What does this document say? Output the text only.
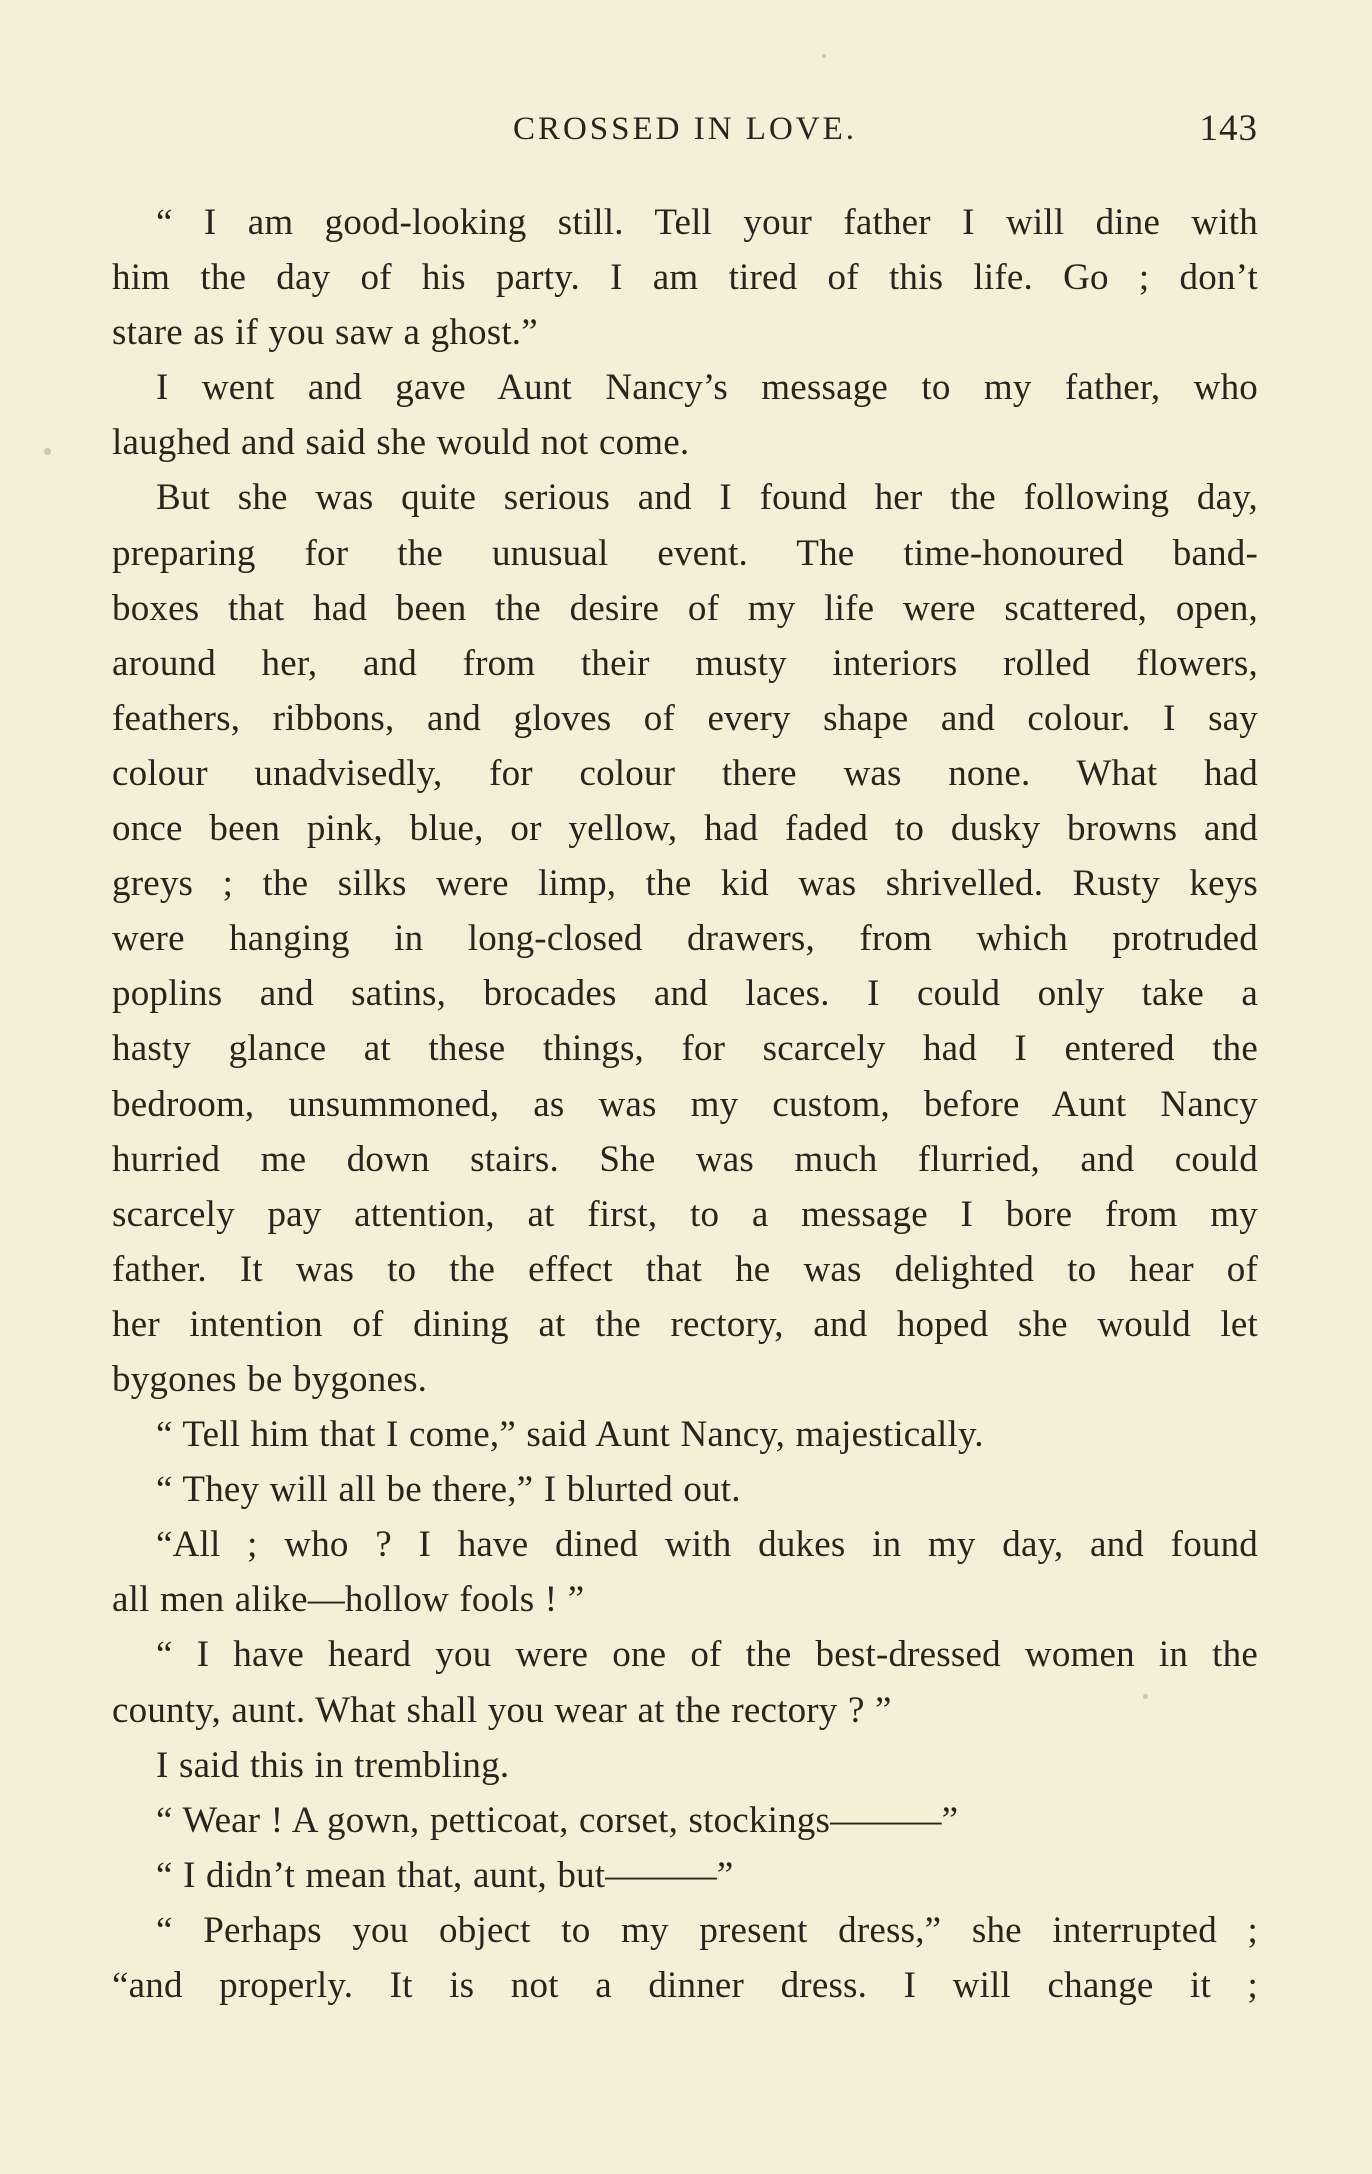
CROSSED IN LOVE.	143
“ I am good-looking still. Tell your father I will dine with
him the day of his party. I am tired of this life. Go ; don’t
stare as if you saw a ghost.”
I went and gave Aunt Nancy’s message to my father, who
laughed and said she would not come.
But she was quite serious and I found her the following day,
preparing for the unusual event. The time-honoured band-
boxes that had been the desire of my life were scattered, open,
around her, and from their musty interiors rolled flowers,
feathers, ribbons, and gloves of every shape and colour. I say
colour unadvisedly, for colour there was none. What had
once been pink, blue, or yellow, had faded to dusky browns and
greys ; the silks were limp, the kid was shrivelled. Rusty keys
were hanging in long-closed drawers, from which protruded
poplins and satins, brocades and laces. I could only take a
hasty glance at these things, for scarcely had I entered the
bedroom, unsummoned, as was my custom, before Aunt Nancy
hurried me down stairs. She was much flurried, and could
scarcely pay attention, at first, to a message I bore from my
father. It was to the effect that he was delighted to hear of
her intention of dining at the rectory, and hoped she would let
bygones be bygones.
“ Tell him that I come,” said Aunt Nancy, majestically.
“ They will all be there,” I blurted out.
“All ; who ? I have dined with dukes in my day, and found
all men alike—hollow fools ! ”
“ I have heard you were one of the best-dressed women in the
county, aunt. What shall you wear at the rectory ? ”
I said this in trembling.
“ Wear ! A gown, petticoat, corset, stockings———”
“ I didn’t mean that, aunt, but———”
“ Perhaps you object to my present dress,” she interrupted ;
“and properly. It is not a dinner dress. I will change it ;
